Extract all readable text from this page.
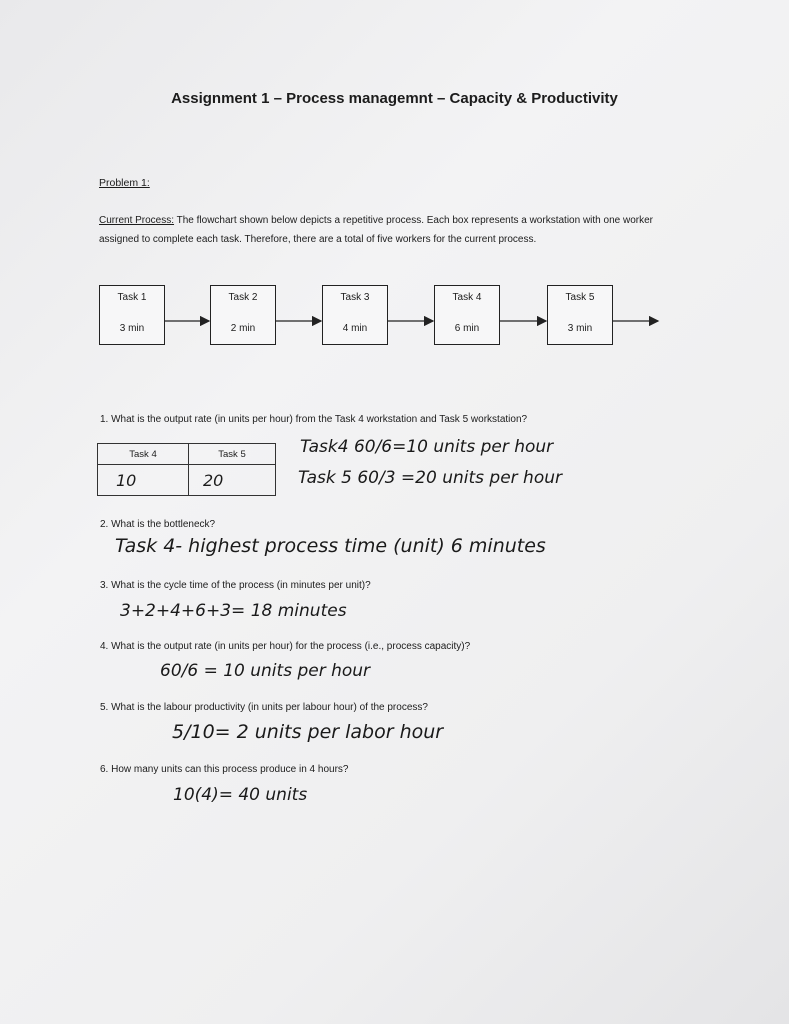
Assignment 1 – Process managemnt – Capacity & Productivity
Problem 1:
Current Process: The flowchart shown below depicts a repetitive process. Each box represents a workstation with one worker assigned to complete each task. Therefore, there are a total of five workers for the current process.
Task 1
3 min
Task 2
2 min
Task 3
4 min
Task 4
6 min
Task 5
3 min
1. What is the output rate (in units per hour) from the Task 4 workstation and Task 5 workstation?
Task 4	Task 5
10	20
Task4 60/6=10 units per hour
Task 5 60/3 =20 units per hour
2. What is the bottleneck?
Task 4- highest process time (unit) 6 minutes
3. What is the cycle time of the process (in minutes per unit)?
3+2+4+6+3= 18 minutes
4. What is the output rate (in units per hour) for the process (i.e., process capacity)?
60/6 = 10 units per hour
5. What is the labour productivity (in units per labour hour) of the process?
5/10= 2 units per labor hour
6. How many units can this process produce in 4 hours?
10(4)= 40 units
